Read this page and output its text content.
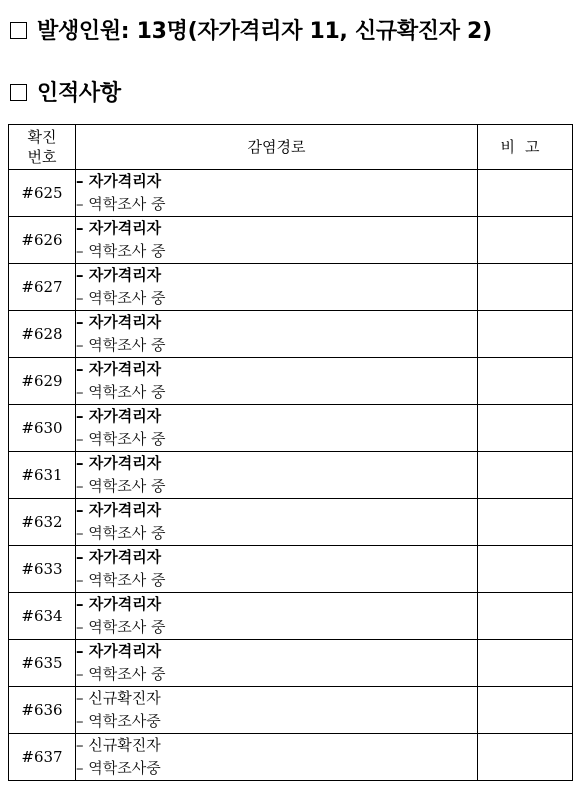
발생인원: 13명(자가격리자 11, 신규확진자 2)
인적사항
확진
번호	감염경로	비고
#625	– 자가격리자
– 역학조사 중	

#626	– 자가격리자
– 역학조사 중	

#627	– 자가격리자
– 역학조사 중	

#628	– 자가격리자
– 역학조사 중	

#629	– 자가격리자
– 역학조사 중	

#630	– 자가격리자
– 역학조사 중	

#631	– 자가격리자
– 역학조사 중	

#632	– 자가격리자
– 역학조사 중	

#633	– 자가격리자
– 역학조사 중	

#634	– 자가격리자
– 역학조사 중	

#635	– 자가격리자
– 역학조사 중	

#636	– 신규확진자
– 역학조사중	

#637	– 신규확진자
– 역학조사중	
